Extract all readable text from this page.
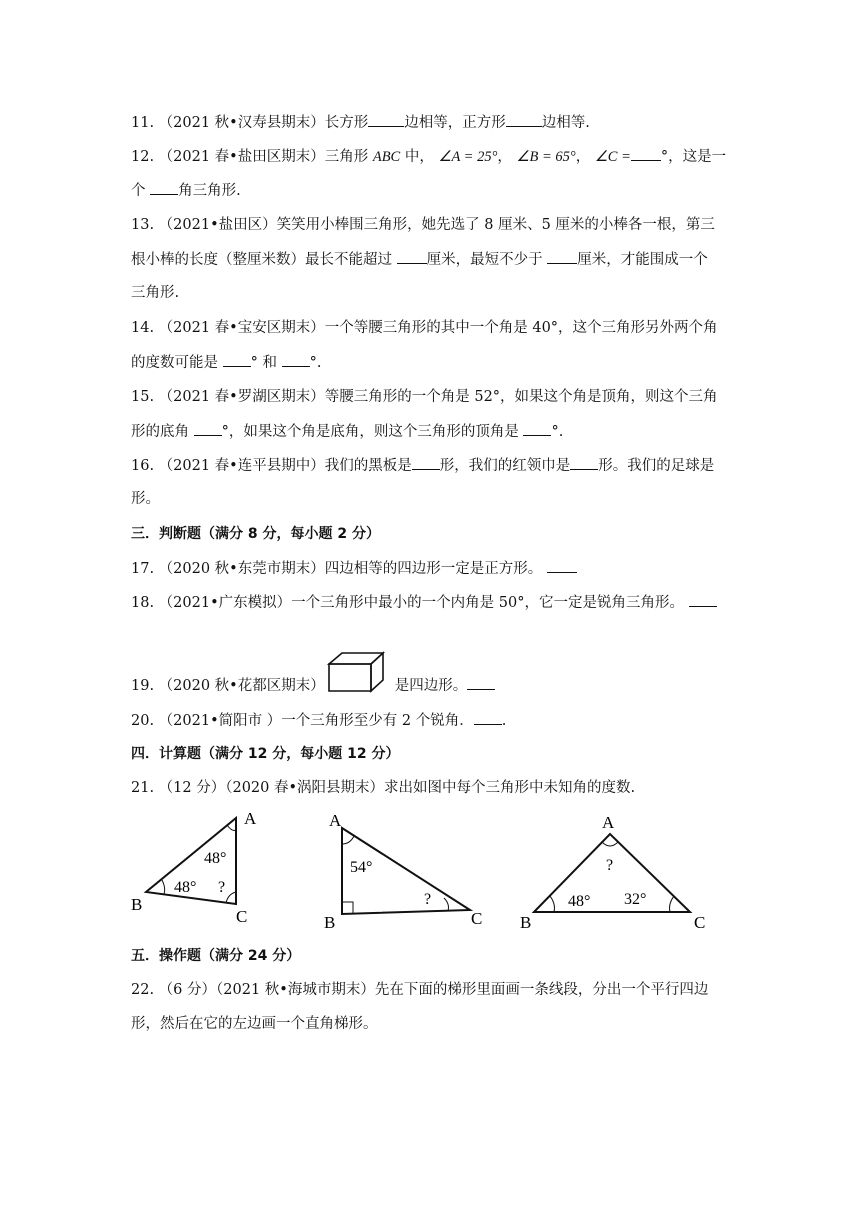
11. （2021 秋•汉寿县期末）长方形 边相等，正方形 边相等.
12. （2021 春•盐田区期末）三角形 ABC 中， ∠A = 25°， ∠B = 65°， ∠C = °，这是一
个 角三角形.
13. （2021•盐田区）笑笑用小棒围三角形，她先选了 8 厘米、5 厘米的小棒各一根，第三
根小棒的长度（整厘米数）最长不能超过 厘米，最短不少于 厘米，才能围成一个
三角形.
14. （2021 春•宝安区期末）一个等腰三角形的其中一个角是 40°，这个三角形另外两个角
的度数可能是 ° 和 °.
15. （2021 春•罗湖区期末）等腰三角形的一个角是 52°，如果这个角是顶角，则这个三角
形的底角 °，如果这个角是底角，则这个三角形的顶角是 °.
16. （2021 春•连平县期中）我们的黑板是 形，我们的红领巾是 形。我们的足球是
形。
三．判断题（满分 8 分，每小题 2 分）
17. （2020 秋•东莞市期末）四边相等的四边形一定是正方形。
18. （2021•广东模拟）一个三角形中最小的一个内角是 50°，它一定是锐角三角形。
19. （2020 秋•花都区期末）	是四边形。
20. （2021•简阳市 ）一个三角形至少有 2 个锐角． .
四．计算题（满分 12 分，每小题 12 分）
21. （12 分）（2020 春•涡阳县期末）求出如图中每个三角形中未知角的度数.
A
B
C
48°
48° ?
A
B	C
54°
?
A
B	C
?
48° 32°
五．操作题（满分 24 分）
22. （6 分）（2021 秋•海城市期末）先在下面的梯形里面画一条线段，分出一个平行四边
形，然后在它的左边画一个直角梯形。
